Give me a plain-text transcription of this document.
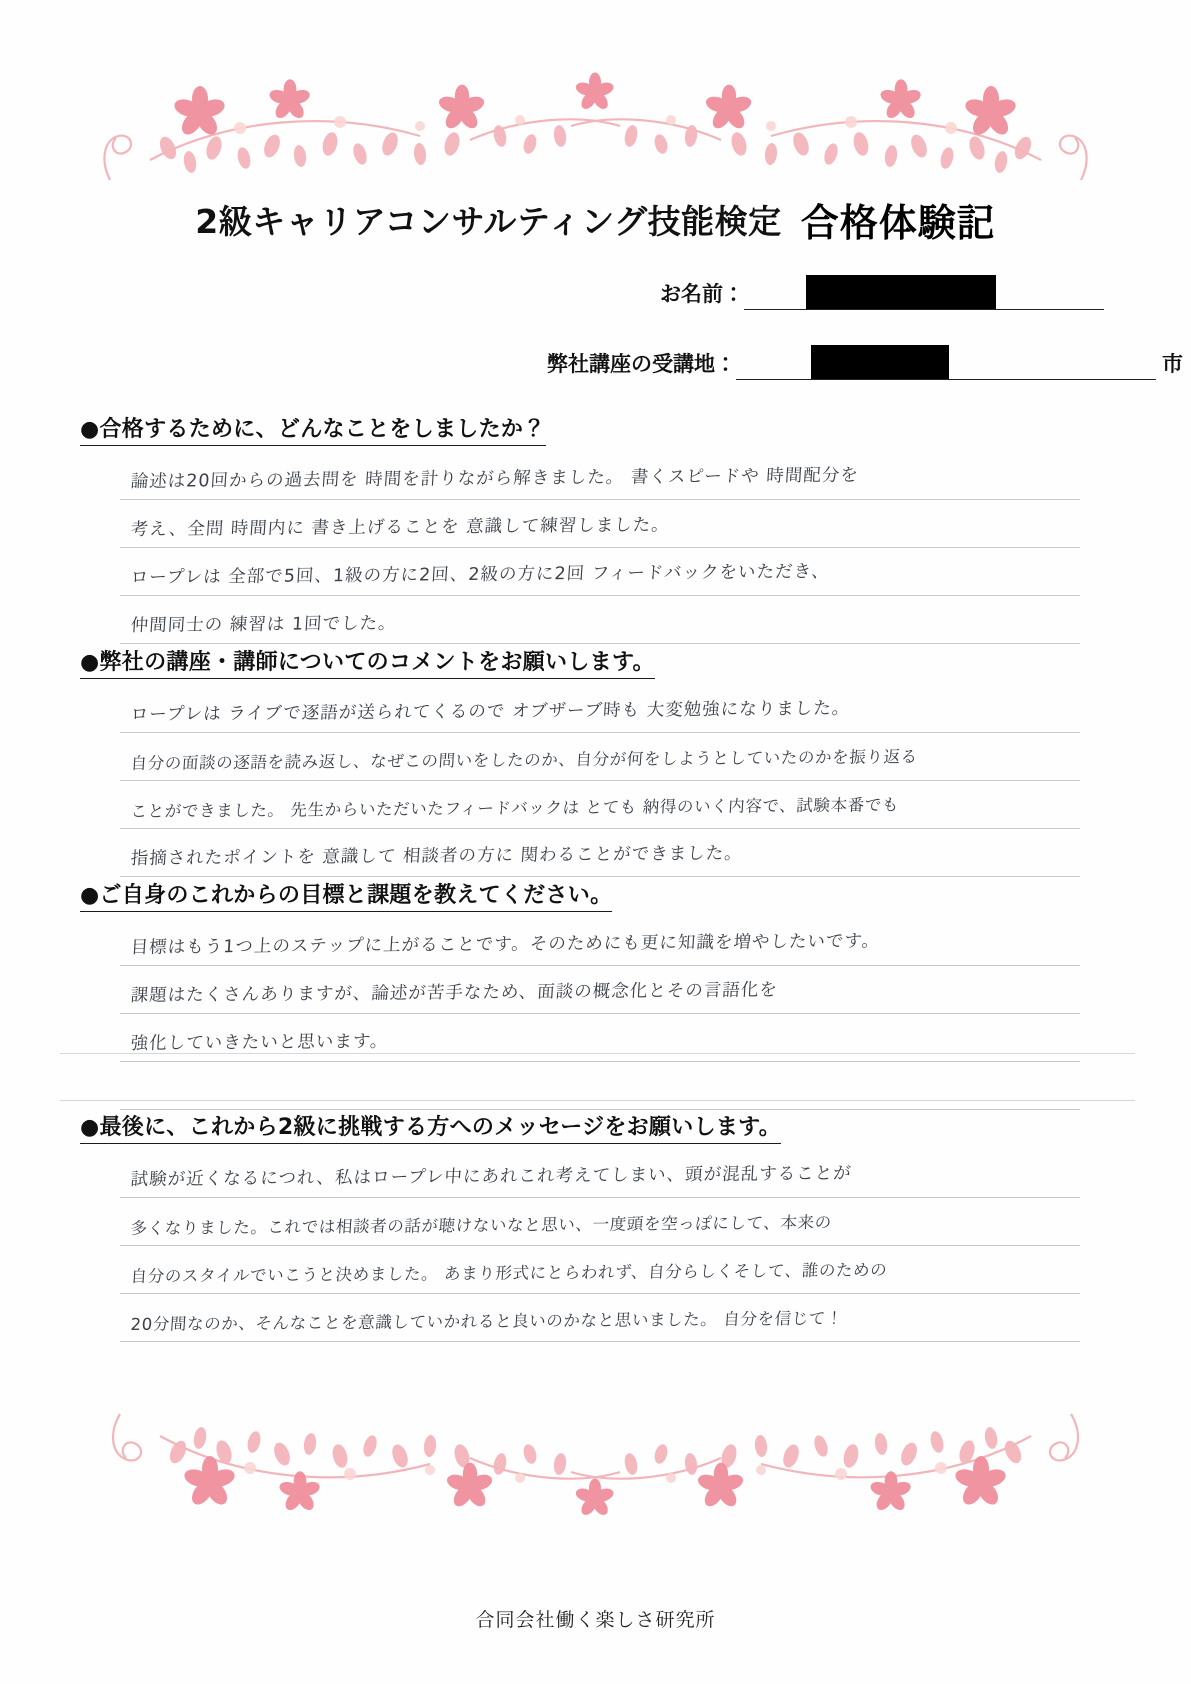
2級キャリアコンサルティング技能検定 合格体験記
お名前：
弊社講座の受講地：	市
●合格するために、どんなことをしましたか？
論述は20回からの過去問を 時間を計りながら解きました。 書くスピードや 時間配分を
考え、全問 時間内に 書き上げることを 意識して練習しました。
ロープレは 全部で5回、1級の方に2回、2級の方に2回 フィードバックをいただき、
仲間同士の 練習は 1回でした。
●弊社の講座・講師についてのコメントをお願いします。
ロープレは ライブで逐語が送られてくるので オブザーブ時も 大変勉強になりました。
自分の面談の逐語を読み返し、なぜこの問いをしたのか、自分が何をしようとしていたのかを振り返る
ことができました。 先生からいただいたフィードバックは とても 納得のいく内容で、試験本番でも
指摘されたポイントを 意識して 相談者の方に 関わることができました。
●ご自身のこれからの目標と課題を教えてください。
目標はもう1つ上のステップに上がることです。そのためにも更に知識を増やしたいです。
課題はたくさんありますが、論述が苦手なため、面談の概念化とその言語化を
強化していきたいと思います。
●最後に、これから2級に挑戦する方へのメッセージをお願いします。
試験が近くなるにつれ、私はロープレ中にあれこれ考えてしまい、頭が混乱することが
多くなりました。これでは相談者の話が聴けないなと思い、一度頭を空っぽにして、本来の
自分のスタイルでいこうと決めました。 あまり形式にとらわれず、自分らしくそして、誰のための
20分間なのか、そんなことを意識していかれると良いのかなと思いました。 自分を信じて！
合同会社働く楽しさ研究所
